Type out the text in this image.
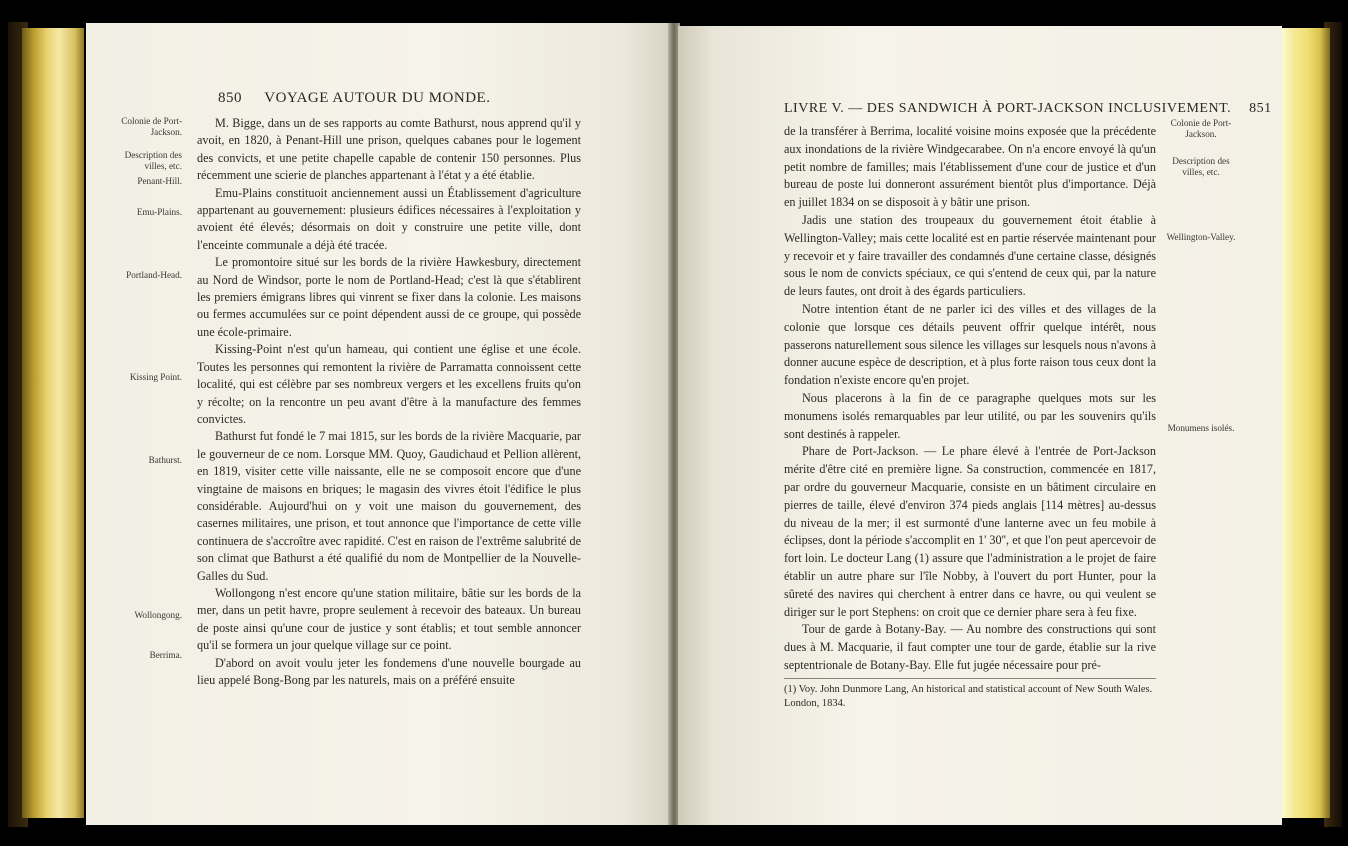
850 VOYAGE AUTOUR DU MONDE.
Colonie de Port-Jackson.
Description des villes, etc.
Penant-Hill.
Emu-Plains.
Portland-Head.
Kissing Point.
Bathurst.
Wollongong.
Berrima.

M. Bigge, dans un de ses rapports au comte Bathurst, nous apprend qu'il y avoit, en 1820, à Penant-Hill une prison, quelques cabanes pour le logement des convicts, et une petite chapelle capable de contenir 150 personnes. Plus récemment une scierie de planches appartenant à l'état y a été établie.

Emu-Plains constituoit anciennement aussi un Établissement d'agriculture appartenant au gouvernement: plusieurs édifices nécessaires à l'exploitation y avoient été élevés; désormais on doit y construire une petite ville, dont l'enceinte communale a déjà été tracée.

Le promontoire situé sur les bords de la rivière Hawkesbury, directement au Nord de Windsor, porte le nom de Portland-Head; c'est là que s'établirent les premiers émigrans libres qui vinrent se fixer dans la colonie. Les maisons ou fermes accumulées sur ce point dépendent aussi de ce groupe, qui possède une école-primaire.

Kissing-Point n'est qu'un hameau, qui contient une église et une école. Toutes les personnes qui remontent la rivière de Parramatta connoissent cette localité, qui est célèbre par ses nombreux vergers et les excellens fruits qu'on y récolte; on la rencontre un peu avant d'être à la manufacture des femmes convictes.

Bathurst fut fondé le 7 mai 1815, sur les bords de la rivière Macquarie, par le gouverneur de ce nom. Lorsque MM. Quoy, Gaudichaud et Pellion allèrent, en 1819, visiter cette ville naissante, elle ne se composoit encore que d'une vingtaine de maisons en briques; le magasin des vivres étoit l'édifice le plus considérable. Aujourd'hui on y voit une maison du gouvernement, des casernes militaires, une prison, et tout annonce que l'importance de cette ville continuera de s'accroître avec rapidité. C'est en raison de l'extrême salubrité de son climat que Bathurst a été qualifié du nom de Montpellier de la Nouvelle-Galles du Sud.

Wollongong n'est encore qu'une station militaire, bâtie sur les bords de la mer, dans un petit havre, propre seulement à recevoir des bateaux. Un bureau de poste ainsi qu'une cour de justice y sont établis; et tout semble annoncer qu'il se formera un jour quelque village sur ce point.

D'abord on avoit voulu jeter les fondemens d'une nouvelle bourgade au lieu appelé Bong-Bong par les naturels, mais on a préféré ensuite

LIVRE V. — DES SANDWICH À PORT-JACKSON INCLUSIVEMENT. 851

de la transférer à Berrima, localité voisine moins exposée que la précédente aux inondations de la rivière Windgecarabee. On n'a encore envoyé là qu'un petit nombre de familles; mais l'établissement d'une cour de justice et d'un bureau de poste lui donneront assurément bientôt plus d'importance. Déjà en juillet 1834 on se disposoit à y bâtir une prison.

Jadis une station des troupeaux du gouvernement étoit établie à Wellington-Valley; mais cette localité est en partie réservée maintenant pour y recevoir et y faire travailler des condamnés d'une certaine classe, désignés sous le nom de convicts spéciaux, ce qui s'entend de ceux qui, par la nature de leurs fautes, ont droit à des égards particuliers.

Notre intention étant de ne parler ici des villes et des villages de la colonie que lorsque ces détails peuvent offrir quelque intérêt, nous passerons naturellement sous silence les villages sur lesquels nous n'avons à donner aucune espèce de description, et à plus forte raison tous ceux dont la fondation n'existe encore qu'en projet.

Nous placerons à la fin de ce paragraphe quelques mots sur les monumens isolés remarquables par leur utilité, ou par les souvenirs qu'ils sont destinés à rappeler.

Phare de Port-Jackson. — Le phare élevé à l'entrée de Port-Jackson mérite d'être cité en première ligne. Sa construction, commencée en 1817, par ordre du gouverneur Macquarie, consiste en un bâtiment circulaire en pierres de taille, élevé d'environ 374 pieds anglais [114 mètres] au-dessus du niveau de la mer; il est surmonté d'une lanterne avec un feu mobile à éclipses, dont la période s'accomplit en 1' 30'', et que l'on peut apercevoir de fort loin. Le docteur Lang (1) assure que l'administration a le projet de faire établir un autre phare sur l'île Nobby, à l'ouvert du port Hunter, pour la sûreté des navires qui cherchent à entrer dans ce havre, ou qui veulent se diriger sur le port Stephens: on croit que ce dernier phare sera à feu fixe.

Tour de garde à Botany-Bay. — Au nombre des constructions qui sont dues à M. Macquarie, il faut compter une tour de garde, établie sur la rive septentrionale de Botany-Bay. Elle fut jugée nécessaire pour pré-

Colonie de Port-Jackson.
Description des villes, etc.
Wellington-Valley.
Monumens isolés.
(1) Voy. John Dunmore Lang, An historical and statistical account of New South Wales. London, 1834.
